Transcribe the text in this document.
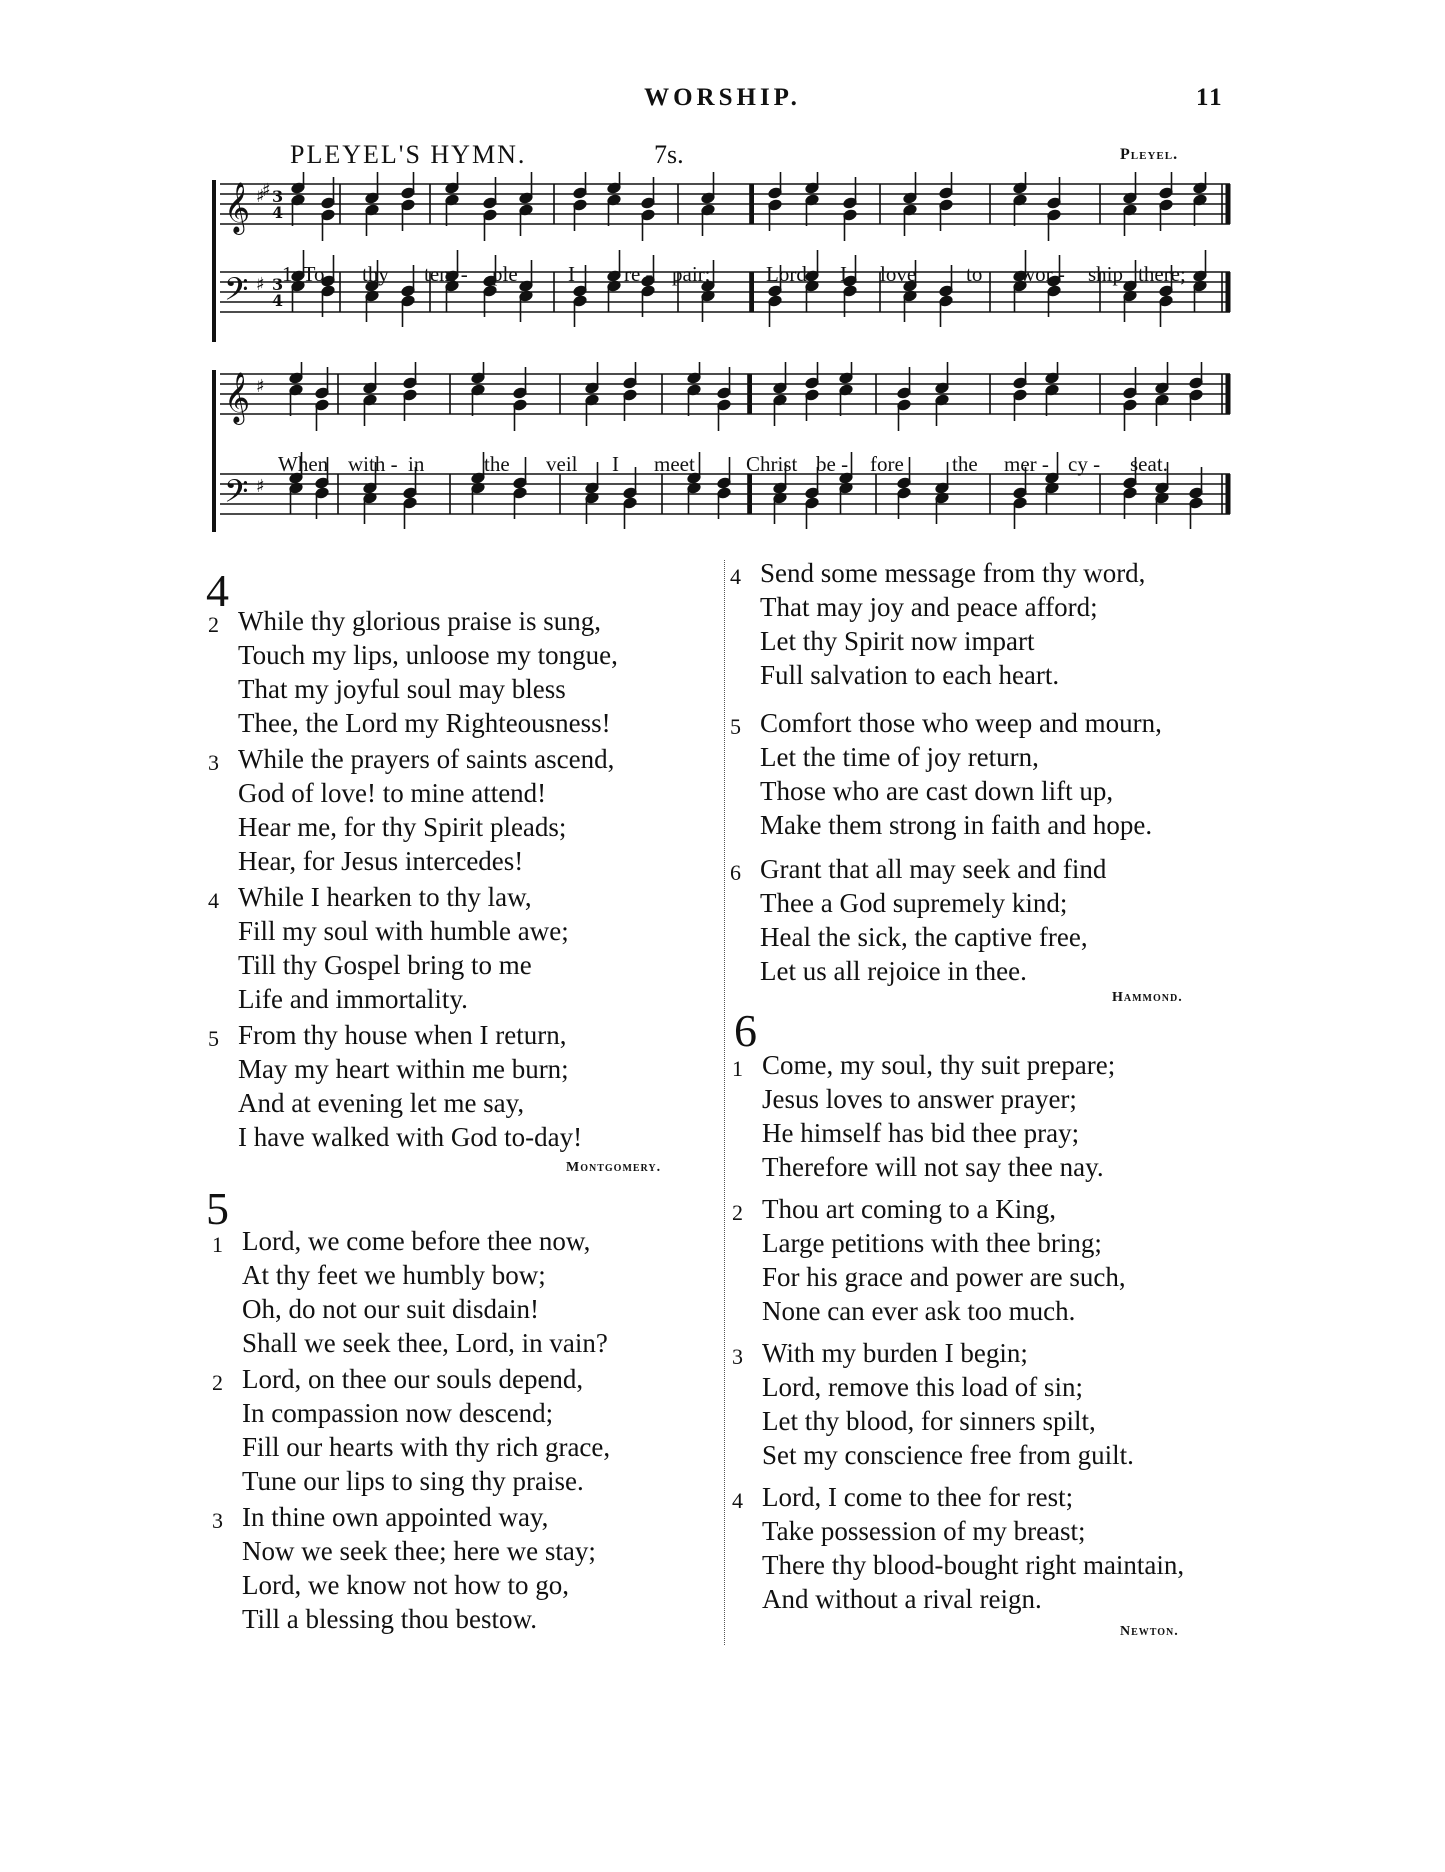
WORSHIP.	11
PLEYEL'S HYMN.	7s.	Pleyel.
𝄞
𝄢
♯
♯
♯
3
4
3
4
1. To thy tem - ple I re - pair;	Lord, I love to wor - ship there;
𝄞
𝄢
♯
♯
When with - in	the veil I meet Christ be - fore the mer - cy - seat.
4
2 While thy glorious praise is sung,
Touch my lips, unloose my tongue,
That my joyful soul may bless
Thee, the Lord my Righteousness!
3 While the prayers of saints ascend,
God of love! to mine attend!
Hear me, for thy Spirit pleads;
Hear, for Jesus intercedes!
4 While I hearken to thy law,
Fill my soul with humble awe;
Till thy Gospel bring to me
Life and immortality.
5 From thy house when I return,
May my heart within me burn;
And at evening let me say,
I have walked with God to-day!
Montgomery.
5
1 Lord, we come before thee now,
At thy feet we humbly bow;
Oh, do not our suit disdain!
Shall we seek thee, Lord, in vain?
2 Lord, on thee our souls depend,
In compassion now descend;
Fill our hearts with thy rich grace,
Tune our lips to sing thy praise.
3 In thine own appointed way,
Now we seek thee; here we stay;
Lord, we know not how to go,
Till a blessing thou bestow.
4 Send some message from thy word,
That may joy and peace afford;
Let thy Spirit now impart
Full salvation to each heart.
5 Comfort those who weep and mourn,
Let the time of joy return,
Those who are cast down lift up,
Make them strong in faith and hope.
6 Grant that all may seek and find
Thee a God supremely kind;
Heal the sick, the captive free,
Let us all rejoice in thee.
Hammond.
6
1 Come, my soul, thy suit prepare;
Jesus loves to answer prayer;
He himself has bid thee pray;
Therefore will not say thee nay.
2 Thou art coming to a King,
Large petitions with thee bring;
For his grace and power are such,
None can ever ask too much.
3 With my burden I begin;
Lord, remove this load of sin;
Let thy blood, for sinners spilt,
Set my conscience free from guilt.
4 Lord, I come to thee for rest;
Take possession of my breast;
There thy blood-bought right maintain,
And without a rival reign.
Newton.
